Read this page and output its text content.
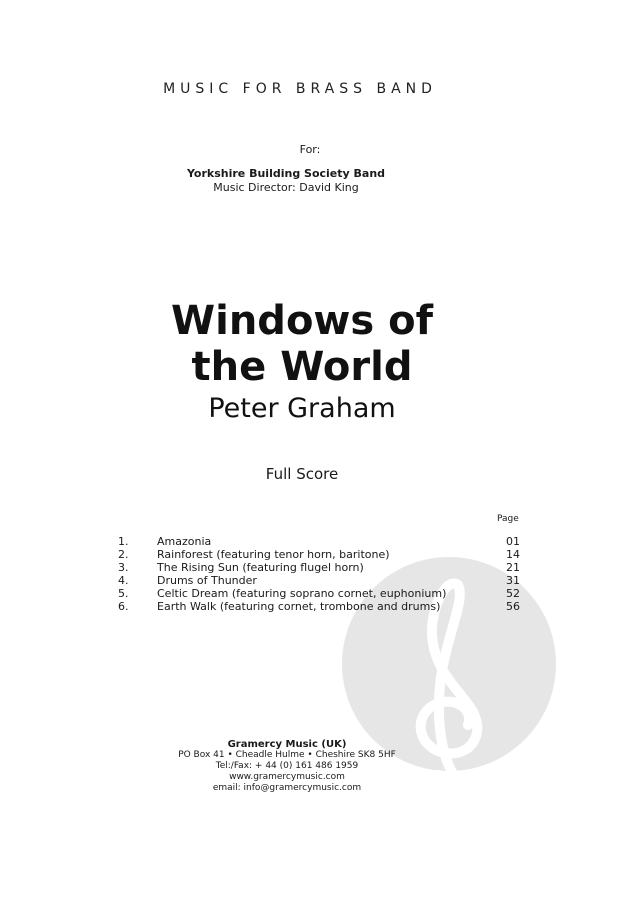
MUSIC FOR BRASS BAND
For:
Yorkshire Building Society Band
Music Director: David King
Windows of
the World
Peter Graham
Full Score
Page
1.	Amazonia	01
2.	Rainforest (featuring tenor horn, baritone)	14
3.	The Rising Sun (featuring flugel horn)	21
4.	Drums of Thunder	31
5.	Celtic Dream (featuring soprano cornet, euphonium)	52
6.	Earth Walk (featuring cornet, trombone and drums)	56
Gramercy Music (UK)
PO Box 41 • Cheadle Hulme • Cheshire SK8 5HF
Tel:/Fax: + 44 (0) 161 486 1959
www.gramercymusic.com
email: info@gramercymusic.com
